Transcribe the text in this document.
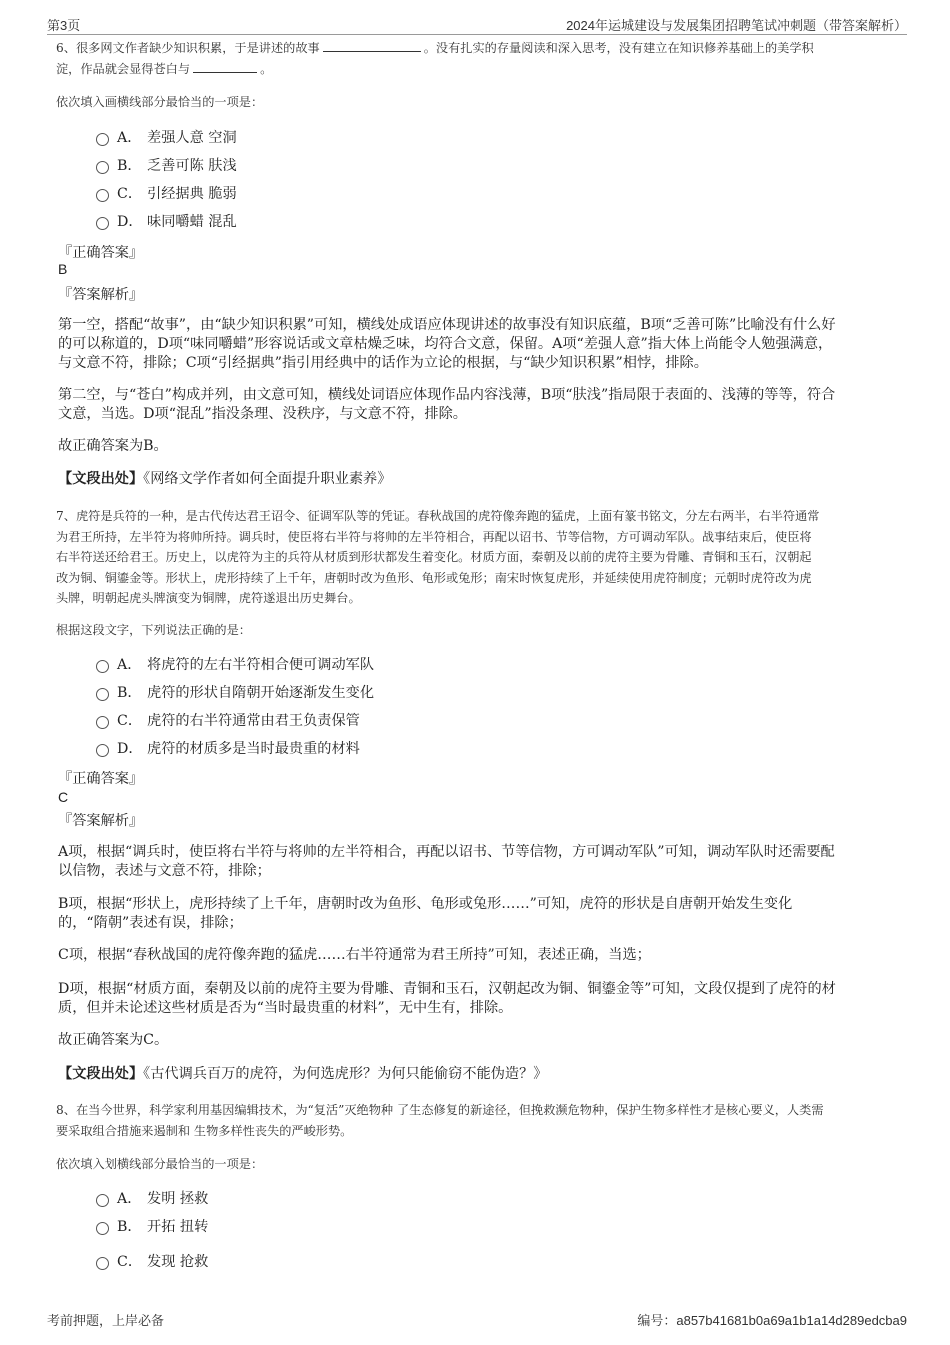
第3页	2024年运城建设与发展集团招聘笔试冲刺题（带答案解析）

6、很多网文作者缺少知识积累，于是讲述的故事	。没有扎实的存量阅读和深入思考，没有建立在知识修养基础上的美学积
淀，作品就会显得苍白与	。

依次填入画横线部分最恰当的一项是：

A． 差强人意 空洞
B． 乏善可陈 肤浅
C． 引经据典 脆弱
D． 味同嚼蜡 混乱

『正确答案』

B

『答案解析』

第一空，搭配“故事”，由“缺少知识积累”可知，横线处成语应体现讲述的故事没有知识底蕴，B项“乏善可陈”比喻没有什么好
的可以称道的，D项“味同嚼蜡”形容说话或文章枯燥乏味，均符合文意，保留。A项“差强人意”指大体上尚能令人勉强满意，
与文意不符，排除；C项“引经据典”指引用经典中的话作为立论的根据，与“缺少知识积累”相悖，排除。

第二空，与“苍白”构成并列，由文意可知，横线处词语应体现作品内容浅薄，B项“肤浅”指局限于表面的、浅薄的等等，符合
文意，当选。D项“混乱”指没条理、没秩序，与文意不符，排除。

故正确答案为B。

【文段出处】《网络文学作者如何全面提升职业素养》

7、虎符是兵符的一种，是古代传达君王诏令、征调军队等的凭证。春秋战国的虎符像奔跑的猛虎，上面有篆书铭文，分左右两半，右半符通常
为君王所持，左半符为将帅所持。调兵时，使臣将右半符与将帅的左半符相合，再配以诏书、节等信物，方可调动军队。战事结束后，使臣将
右半符送还给君王。历史上，以虎符为主的兵符从材质到形状都发生着变化。材质方面，秦朝及以前的虎符主要为骨雕、青铜和玉石，汉朝起
改为铜、铜鎏金等。形状上，虎形持续了上千年，唐朝时改为鱼形、龟形或兔形；南宋时恢复虎形，并延续使用虎符制度；元朝时虎符改为虎
头牌，明朝起虎头牌演变为铜牌，虎符遂退出历史舞台。

根据这段文字，下列说法正确的是：

A． 将虎符的左右半符相合便可调动军队
B． 虎符的形状自隋朝开始逐渐发生变化
C． 虎符的右半符通常由君王负责保管
D． 虎符的材质多是当时最贵重的材料

『正确答案』

C

『答案解析』

A项，根据“调兵时，使臣将右半符与将帅的左半符相合，再配以诏书、节等信物，方可调动军队”可知，调动军队时还需要配
以信物，表述与文意不符，排除；

B项，根据“形状上，虎形持续了上千年，唐朝时改为鱼形、龟形或兔形……”可知，虎符的形状是自唐朝开始发生变化
的，“隋朝”表述有误，排除；

C项，根据“春秋战国的虎符像奔跑的猛虎……右半符通常为君王所持”可知，表述正确，当选；

D项，根据“材质方面，秦朝及以前的虎符主要为骨雕、青铜和玉石，汉朝起改为铜、铜鎏金等”可知，文段仅提到了虎符的材
质，但并未论述这些材质是否为“当时最贵重的材料”，无中生有，排除。

故正确答案为C。

【文段出处】《古代调兵百万的虎符，为何选虎形？为何只能偷窃不能伪造？》

8、在当今世界，科学家利用基因编辑技术，为“复活”灭绝物种 了生态修复的新途径，但挽救濒危物种，保护生物多样性才是核心要义，人类需
要采取组合措施来遏制和 生物多样性丧失的严峻形势。

依次填入划横线部分最恰当的一项是：

A． 发明 拯救
B． 开拓 扭转
C． 发现 抢救
考前押题，上岸必备	编号：a857b41681b0a69a1b1a14d289edcba9
